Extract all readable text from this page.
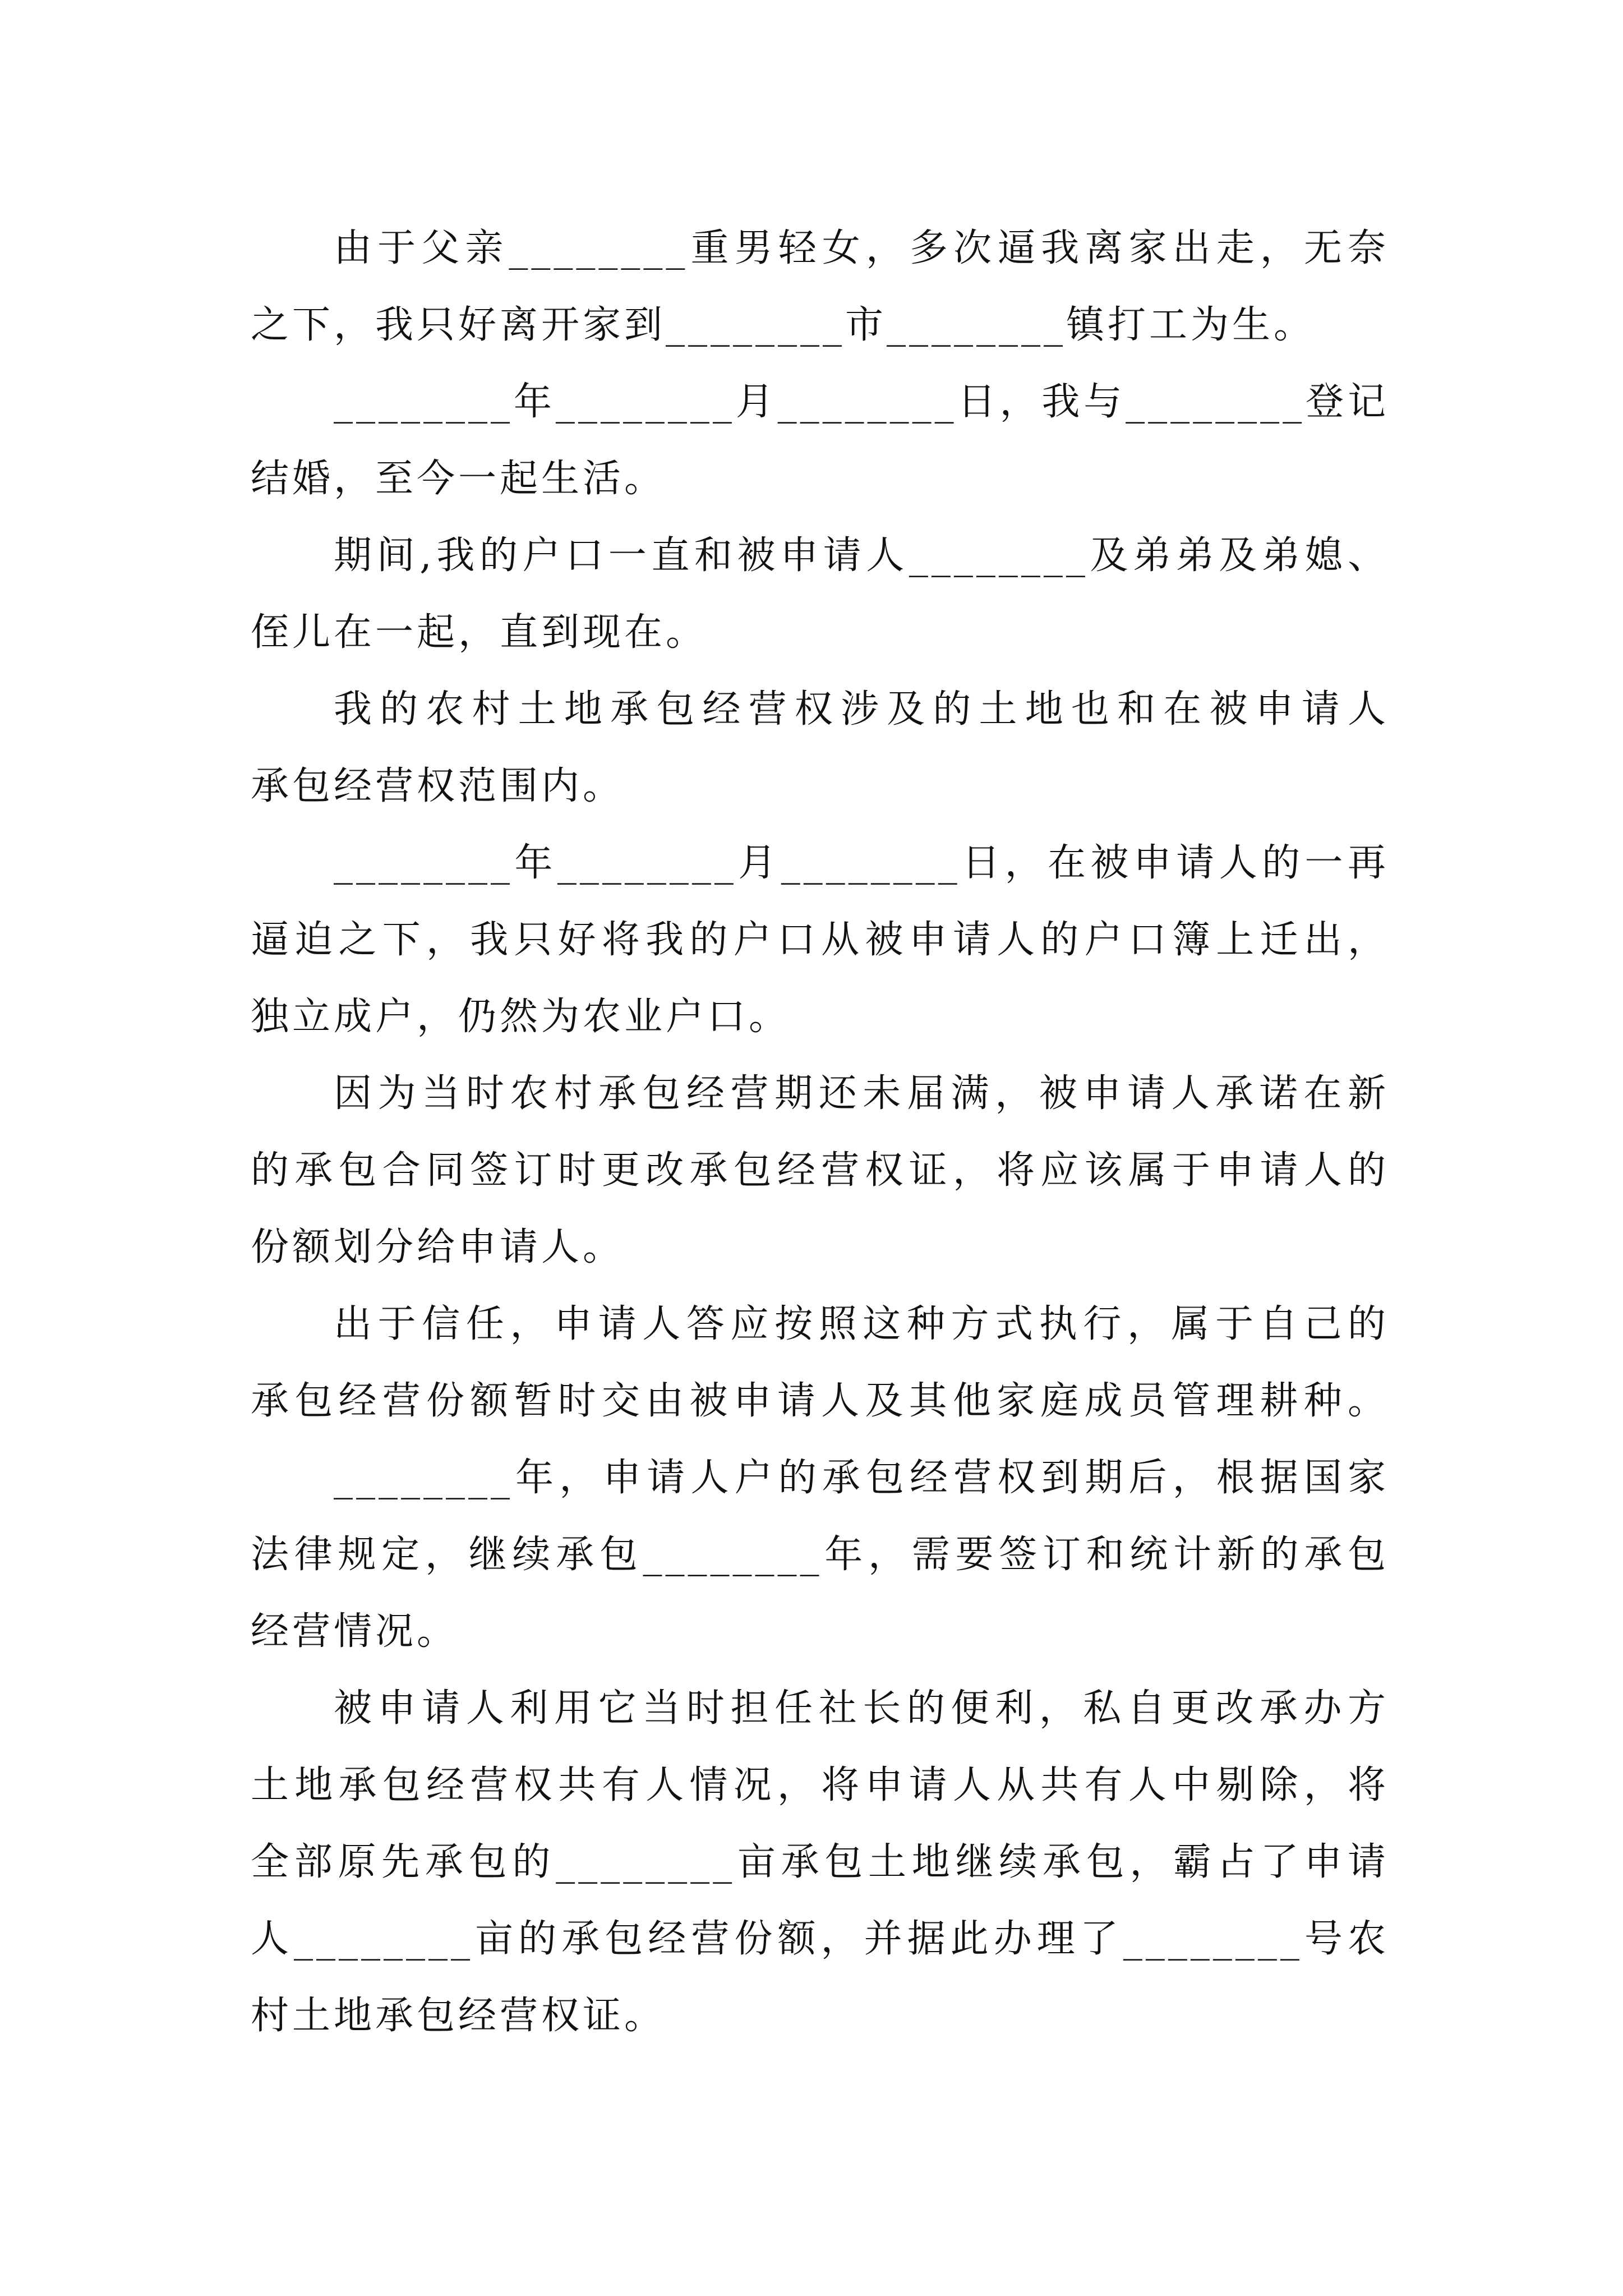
由于父亲________重男轻女，多次逼我离家出走，无奈
之下，我只好离开家到________市________镇打工为生。
________年________月________日，我与________登记
结婚，至今一起生活。
期间,我的户口一直和被申请人________及弟弟及弟媳、
侄儿在一起，直到现在。
我的农村土地承包经营权涉及的土地也和在被申请人
承包经营权范围内。
________年________月________日，在被申请人的一再
逼迫之下，我只好将我的户口从被申请人的户口簿上迁出，
独立成户，仍然为农业户口。
因为当时农村承包经营期还未届满，被申请人承诺在新
的承包合同签订时更改承包经营权证，将应该属于申请人的
份额划分给申请人。
出于信任，申请人答应按照这种方式执行，属于自己的
承包经营份额暂时交由被申请人及其他家庭成员管理耕种。
________年，申请人户的承包经营权到期后，根据国家
法律规定，继续承包________年，需要签订和统计新的承包
经营情况。
被申请人利用它当时担任社长的便利，私自更改承办方
土地承包经营权共有人情况，将申请人从共有人中剔除，将
全部原先承包的________亩承包土地继续承包，霸占了申请
人________亩的承包经营份额，并据此办理了________号农
村土地承包经营权证。
